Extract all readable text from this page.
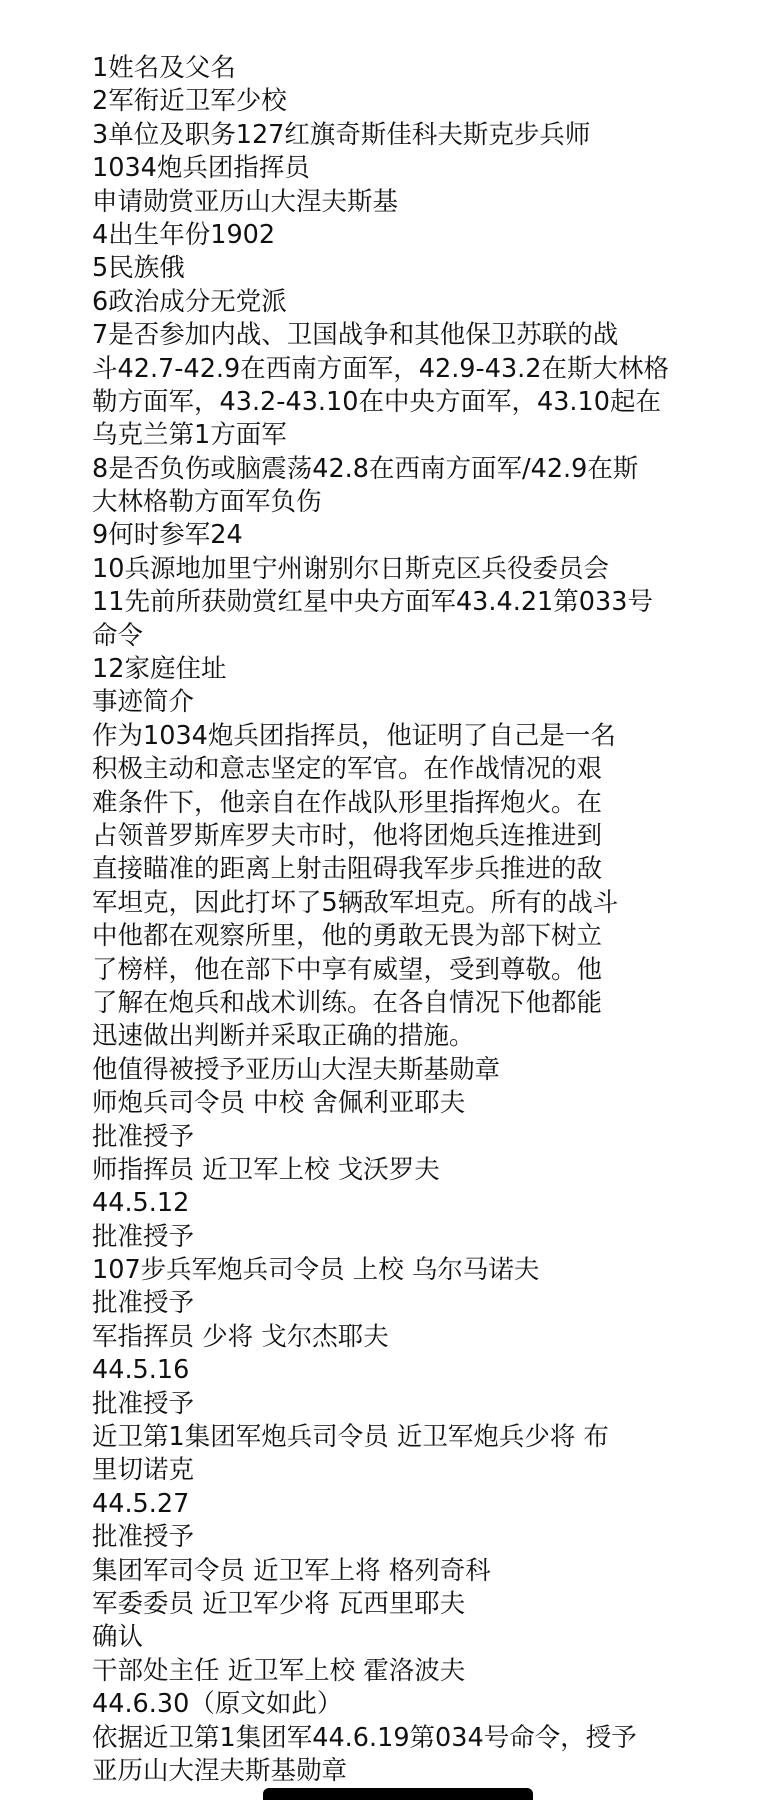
1姓名及父名
2军衔近卫军少校
3单位及职务127红旗奇斯佳科夫斯克步兵师
1034炮兵团指挥员
申请勋赏亚历山大涅夫斯基
4出生年份1902
5民族俄
6政治成分无党派
7是否参加内战、卫国战争和其他保卫苏联的战
斗42.7-42.9在西南方面军，42.9-43.2在斯大林格
勒方面军，43.2-43.10在中央方面军，43.10起在
乌克兰第1方面军
8是否负伤或脑震荡42.8在西南方面军/42.9在斯
大林格勒方面军负伤
9何时参军24
10兵源地加里宁州谢别尔日斯克区兵役委员会
11先前所获勋赏红星中央方面军43.4.21第033号
命令
12家庭住址
事迹简介
作为1034炮兵团指挥员，他证明了自己是一名
积极主动和意志坚定的军官。在作战情况的艰
难条件下，他亲自在作战队形里指挥炮火。在
占领普罗斯库罗夫市时，他将团炮兵连推进到
直接瞄准的距离上射击阻碍我军步兵推进的敌
军坦克，因此打坏了5辆敌军坦克。所有的战斗
中他都在观察所里，他的勇敢无畏为部下树立
了榜样，他在部下中享有威望，受到尊敬。他
了解在炮兵和战术训练。在各自情况下他都能
迅速做出判断并采取正确的措施。
他值得被授予亚历山大涅夫斯基勋章
师炮兵司令员 中校 舍佩利亚耶夫
批准授予
师指挥员 近卫军上校 戈沃罗夫
44.5.12
批准授予
107步兵军炮兵司令员 上校 乌尔马诺夫
批准授予
军指挥员 少将 戈尔杰耶夫
44.5.16
批准授予
近卫第1集团军炮兵司令员 近卫军炮兵少将 布
里切诺克
44.5.27
批准授予
集团军司令员 近卫军上将 格列奇科
军委委员 近卫军少将 瓦西里耶夫
确认
干部处主任 近卫军上校 霍洛波夫
44.6.30（原文如此）
依据近卫第1集团军44.6.19第034号命令，授予
亚历山大涅夫斯基勋章
